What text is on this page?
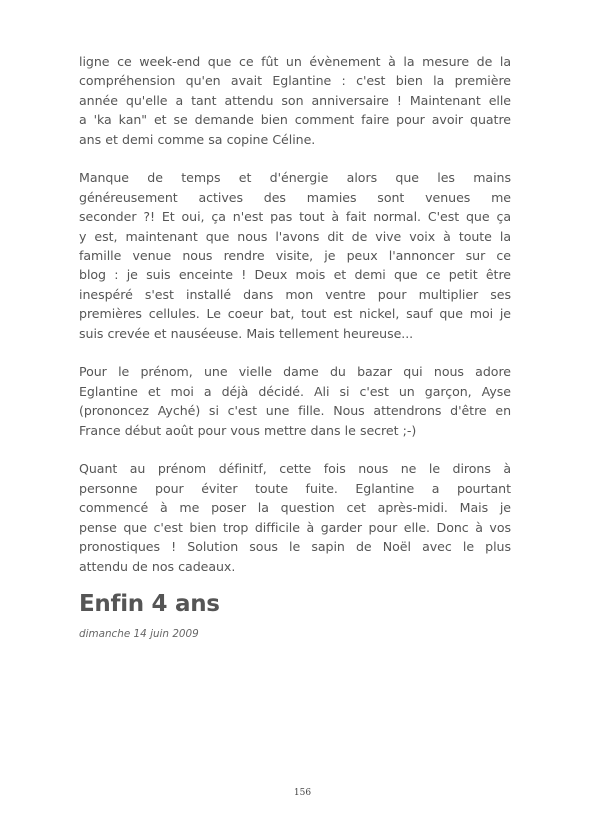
ligne ce week-end que ce fût un évènement à la mesure de la
compréhension qu'en avait Eglantine : c'est bien la première
année qu'elle a tant attendu son anniversaire ! Maintenant elle
a 'ka kan" et se demande bien comment faire pour avoir quatre
ans et demi comme sa copine Céline.

Manque de temps et d'énergie alors que les mains
généreusement actives des mamies sont venues me
seconder ?! Et oui, ça n'est pas tout à fait normal. C'est que ça
y est, maintenant que nous l'avons dit de vive voix à toute la
famille venue nous rendre visite, je peux l'annoncer sur ce
blog : je suis enceinte ! Deux mois et demi que ce petit être
inespéré s'est installé dans mon ventre pour multiplier ses
premières cellules. Le coeur bat, tout est nickel, sauf que moi je
suis crevée et nauséeuse. Mais tellement heureuse...

Pour le prénom, une vielle dame du bazar qui nous adore
Eglantine et moi a déjà décidé. Ali si c'est un garçon, Ayse
(prononcez Ayché) si c'est une fille. Nous attendrons d'être en
France début août pour vous mettre dans le secret ;-)

Quant au prénom définitf, cette fois nous ne le dirons à
personne pour éviter toute fuite. Eglantine a pourtant
commencé à me poser la question cet après-midi. Mais je
pense que c'est bien trop difficile à garder pour elle. Donc à vos
pronostiques ! Solution sous le sapin de Noël avec le plus
attendu de nos cadeaux.

Enfin 4 ans
dimanche 14 juin 2009
156
